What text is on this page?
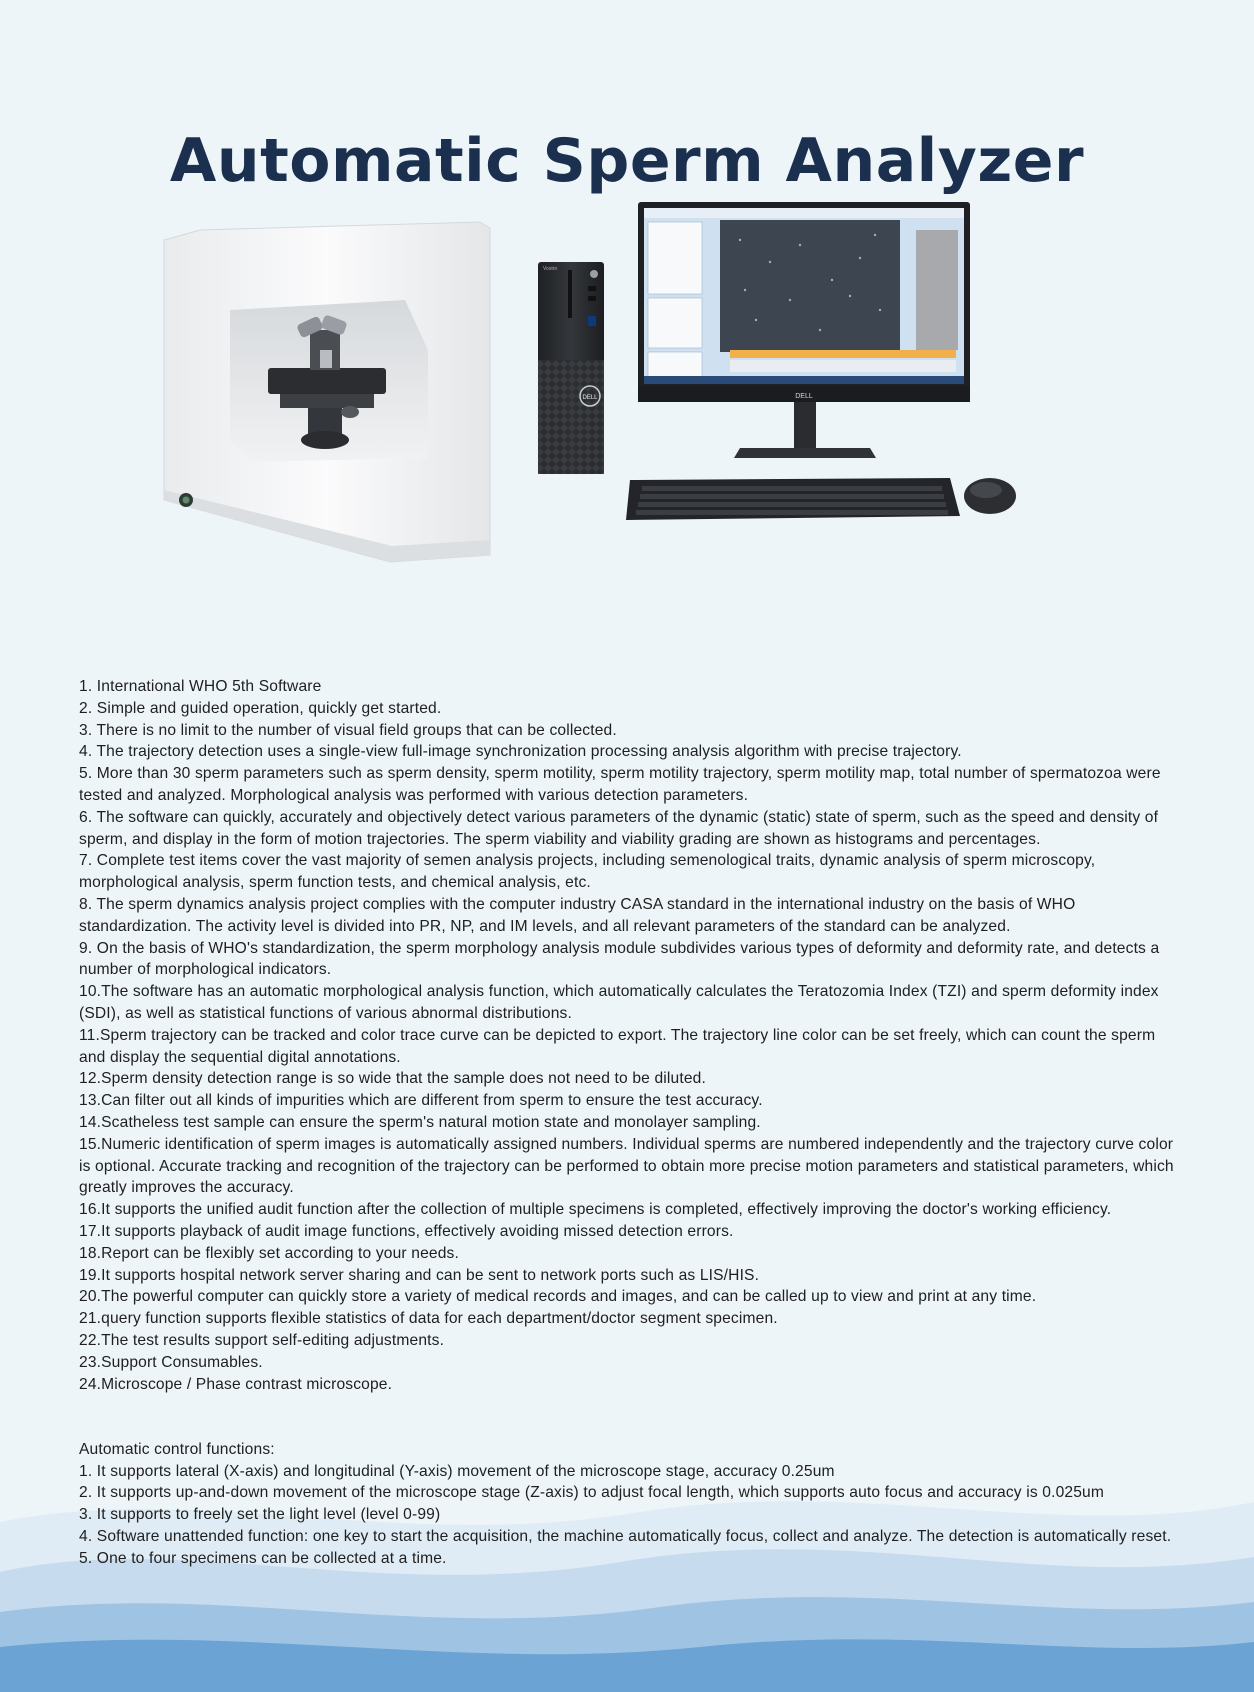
Automatic Sperm Analyzer
DELL
Vostro
DELL
1. International WHO 5th Software
2. Simple and guided operation, quickly get started.
3. There is no limit to the number of visual field groups that can be collected.
4. The trajectory detection uses a single-view full-image synchronization processing analysis algorithm with precise trajectory.
5. More than 30 sperm parameters such as sperm density, sperm motility, sperm motility trajectory, sperm motility map, total number of spermatozoa were tested and analyzed. Morphological analysis was performed with various detection parameters.
6. The software can quickly, accurately and objectively detect various parameters of the dynamic (static) state of sperm, such as the speed and density of sperm, and display in the form of motion trajectories. The sperm viability and viability grading are shown as histograms and percentages.
7. Complete test items cover the vast majority of semen analysis projects, including semenological traits, dynamic analysis of sperm microscopy, morphological analysis, sperm function tests, and chemical analysis, etc.
8. The sperm dynamics analysis project complies with the computer industry CASA standard in the international industry on the basis of WHO standardization. The activity level is divided into PR, NP, and IM levels, and all relevant parameters of the standard can be analyzed.
9. On the basis of WHO's standardization, the sperm morphology analysis module subdivides various types of deformity and deformity rate, and detects a number of morphological indicators.
10.The software has an automatic morphological analysis function, which automatically calculates the Teratozomia Index (TZI) and sperm deformity index (SDI), as well as statistical functions of various abnormal distributions.
11.Sperm trajectory can be tracked and color trace curve can be depicted to export. The trajectory line color can be set freely, which can count the sperm and display the sequential digital annotations.
12.Sperm density detection range is so wide that the sample does not need to be diluted.
13.Can filter out all kinds of impurities which are different from sperm to ensure the test accuracy.
14.Scatheless test sample can ensure the sperm's natural motion state and monolayer sampling.
15.Numeric identification of sperm images is automatically assigned numbers. Individual sperms are numbered independently and the trajectory curve color is optional. Accurate tracking and recognition of the trajectory can be performed to obtain more precise motion parameters and statistical parameters, which greatly improves the accuracy.
16.It supports the unified audit function after the collection of multiple specimens is completed, effectively improving the doctor's working efficiency.
17.It supports playback of audit image functions, effectively avoiding missed detection errors.
18.Report can be flexibly set according to your needs.
19.It supports hospital network server sharing and can be sent to network ports such as LIS/HIS.
20.The powerful computer can quickly store a variety of medical records and images, and can be called up to view and print at any time.
21.query function supports flexible statistics of data for each department/doctor segment specimen.
22.The test results support self-editing adjustments.
23.Support Consumables.
24.Microscope / Phase contrast microscope.
Automatic control functions:
1. It supports lateral (X-axis) and longitudinal (Y-axis) movement of the microscope stage, accuracy 0.25um
2. It supports up-and-down movement of the microscope stage (Z-axis) to adjust focal length, which supports auto focus and accuracy is 0.025um
3. It supports to freely set the light level (level 0-99)
4. Software unattended function: one key to start the acquisition, the machine automatically focus, collect and analyze. The detection is automatically reset.
5. One to four specimens can be collected at a time.
